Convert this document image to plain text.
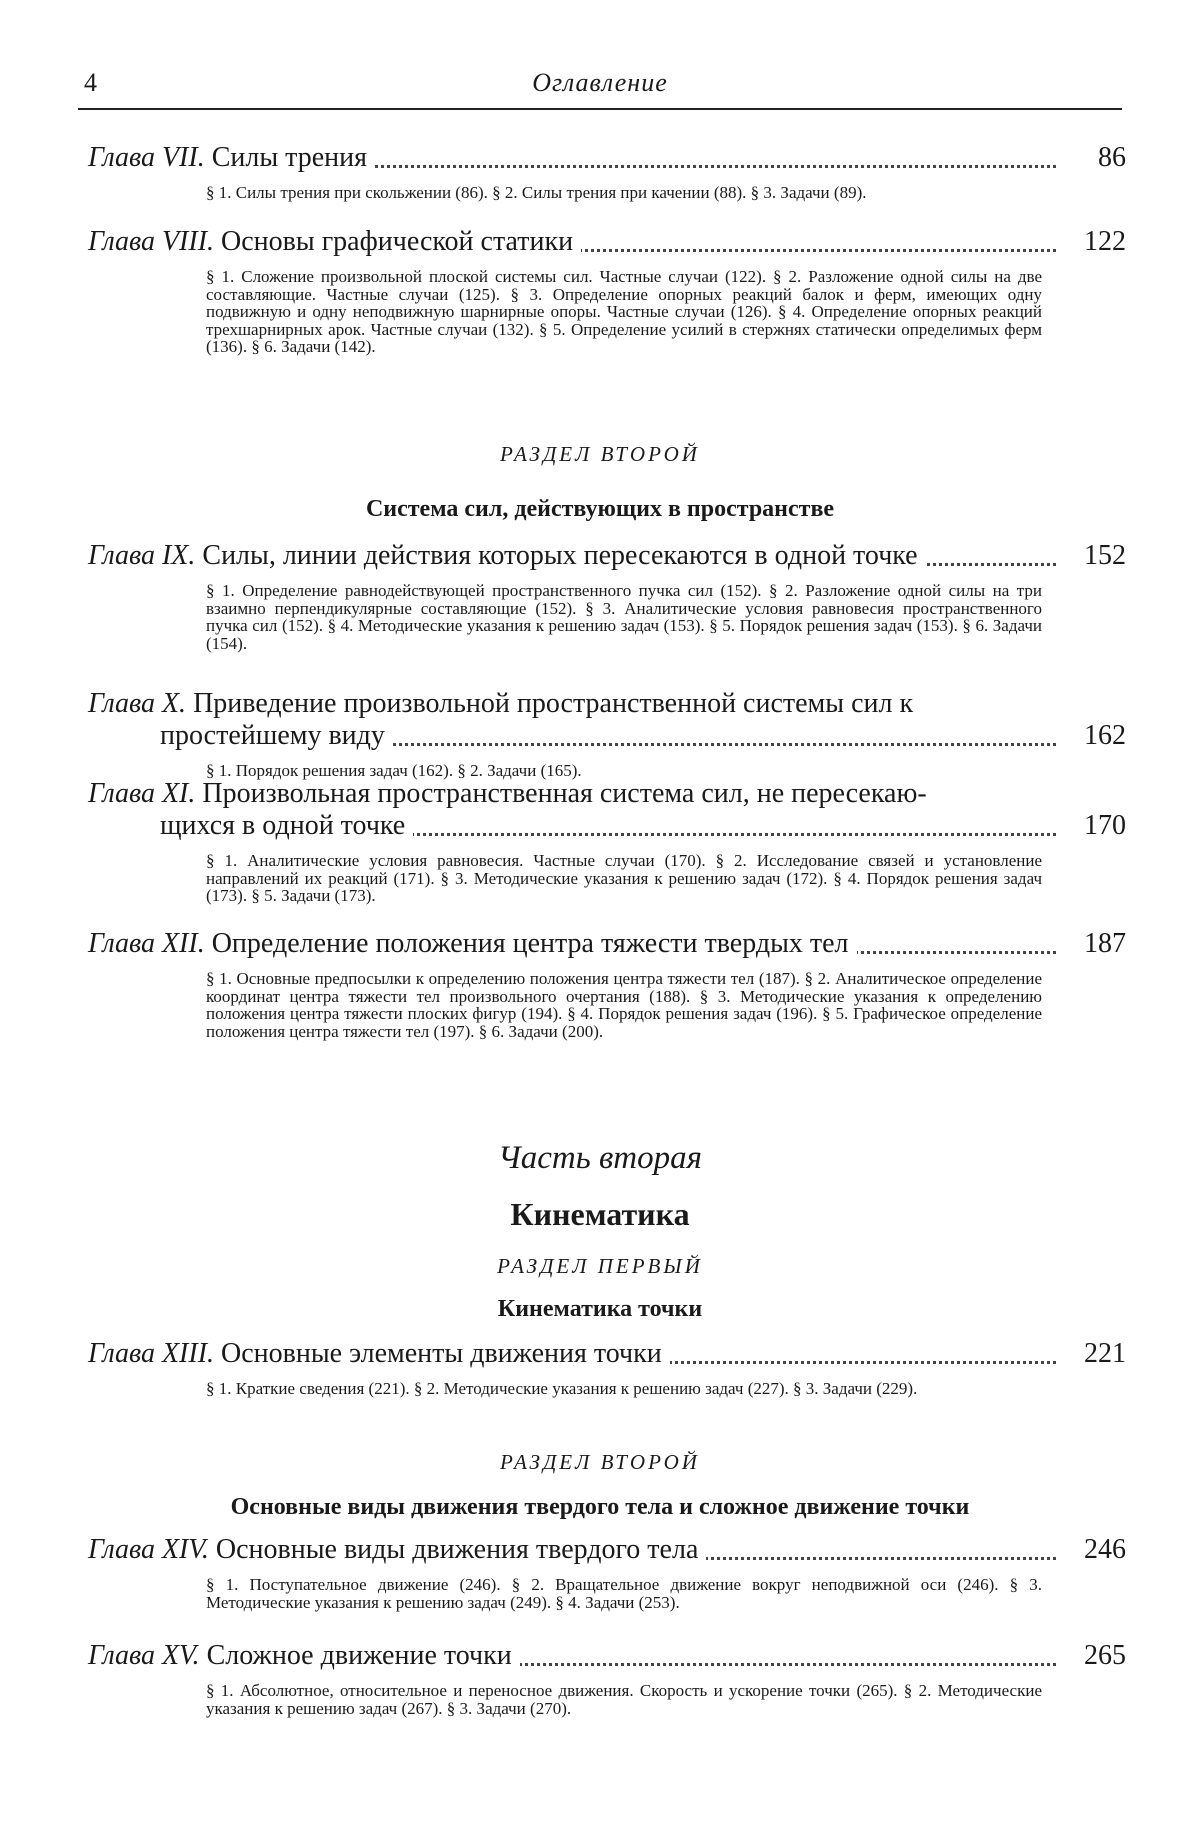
4	Оглавление
Глава VII. Силы трения	86
§ 1. Силы трения при скольжении (86). § 2. Силы трения при качении (88). § 3. Задачи (89).
Глава VIII. Основы графической статики	122
§ 1. Сложение произвольной плоской системы сил. Частные случаи (122). § 2. Разложение одной силы на две составляющие. Частные случаи (125). § 3. Определение опорных реакций балок и ферм, имеющих одну подвижную и одну неподвижную шарнирные опоры. Частные случаи (126). § 4. Определение опорных реакций трехшарнирных арок. Частные случаи (132). § 5. Определение усилий в стержнях статически определимых ферм (136). § 6. Задачи (142).
РАЗДЕЛ ВТОРОЙ
Система сил, действующих в пространстве
Глава IX. Силы, линии действия которых пересекаются в одной точке	152
§ 1. Определение равнодействующей пространственного пучка сил (152). § 2. Разложение одной силы на три взаимно перпендикулярные составляющие (152). § 3. Аналитические условия равновесия пространственного пучка сил (152). § 4. Методические указания к решению задач (153). § 5. Порядок решения задач (153). § 6. Задачи (154).
Глава X. Приведение произвольной пространственной системы сил к
простейшему виду	162
§ 1. Порядок решения задач (162). § 2. Задачи (165).
Глава XI. Произвольная пространственная система сил, не пересекаю-
щихся в одной точке	170
§ 1. Аналитические условия равновесия. Частные случаи (170). § 2. Исследование связей и установление направлений их реакций (171). § 3. Методические указания к решению задач (172). § 4. Порядок решения задач (173). § 5. Задачи (173).
Глава XII. Определение положения центра тяжести твердых тел	187
§ 1. Основные предпосылки к определению положения центра тяжести тел (187). § 2. Аналитическое определение координат центра тяжести тел произвольного очертания (188). § 3. Методические указания к определению положения центра тяжести плоских фигур (194). § 4. Порядок решения задач (196). § 5. Графическое определение положения центра тяжести тел (197). § 6. Задачи (200).
Часть вторая
Кинематика
РАЗДЕЛ ПЕРВЫЙ
Кинематика точки
Глава XIII. Основные элементы движения точки	221
§ 1. Краткие сведения (221). § 2. Методические указания к решению задач (227). § 3. Задачи (229).
РАЗДЕЛ ВТОРОЙ
Основные виды движения твердого тела и сложное движение точки
Глава XIV. Основные виды движения твердого тела	246
§ 1. Поступательное движение (246). § 2. Вращательное движение вокруг неподвижной оси (246). § 3. Методические указания к решению задач (249). § 4. Задачи (253).
Глава XV. Сложное движение точки	265
§ 1. Абсолютное, относительное и переносное движения. Скорость и ускорение точки (265). § 2. Методические указания к решению задач (267). § 3. Задачи (270).
